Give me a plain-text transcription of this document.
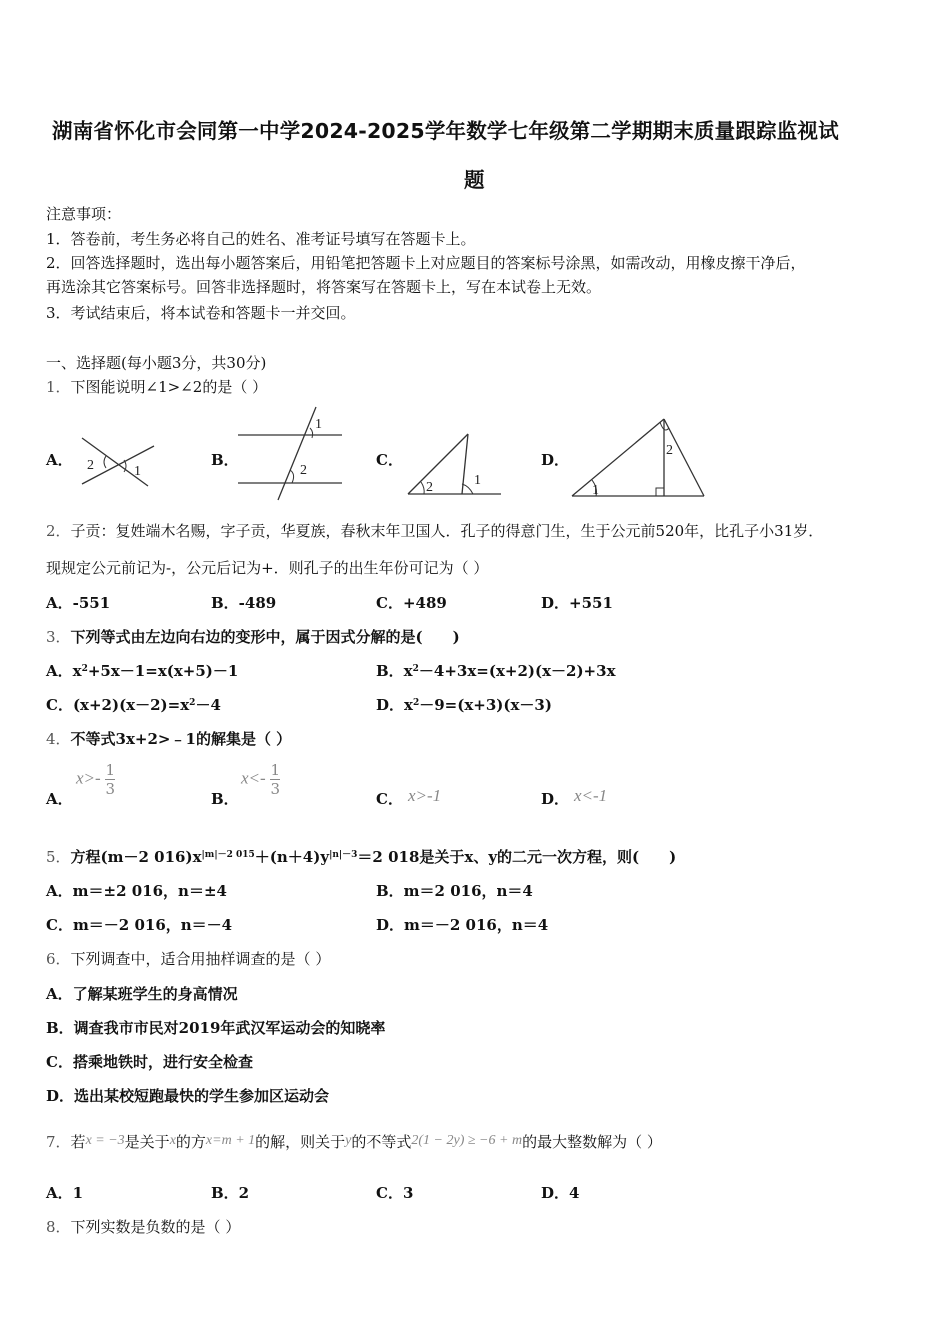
湖南省怀化市会同第一中学2024-2025学年数学七年级第二学期期末质量跟踪监视试
题
注意事项：
1．答卷前，考生务必将自己的姓名、准考证号填写在答题卡上。
2．回答选择题时，选出每小题答案后，用铅笔把答题卡上对应题目的答案标号涂黑，如需改动，用橡皮擦干净后，
再选涂其它答案标号。回答非选择题时，将答案写在答题卡上，写在本试卷上无效。
3．考试结束后，将本试卷和答题卡一并交回。
一、选择题(每小题3分，共30分)
1．下图能说明∠1>∠2的是（ ）
A．	B．	C．	D．
2	1
1
2
2	1
2
1
2．子贡：复姓端木名赐，字子贡，华夏族，春秋末年卫国人．孔子的得意门生，生于公元前520年，比孔子小31岁．
现规定公元前记为-，公元后记为+．则孔子的出生年份可记为（ ）
A．-551	B．-489	C．+489	D．+551
3．下列等式由左边向右边的变形中，属于因式分解的是(　　)
A．$x^2+5x-1=x(x+5)-1$	B．$x^2-4+3x=(x+2)(x-2)+3x$
C．$(x+2)(x-2)=x^2-4$	D．$x^2-9=(x+3)(x-3)$
4．不等式3x+2>﹣1的解集是（ ）
A．
$x>- \frac{1}{3}$
B．
$x<- \frac{1}{3}$
C． x>-1	D． x<-1
5．方程(m－2 $016)x^{|m|-2 015}+(n+4)y^{|n|-3}=2$ 018是关于x、y的二元一次方程，则(　　)
A．m＝±2 016，n＝±4	B．m＝2 016，n＝4
C．m＝－2 016，n＝－4	D．m＝－2 016，n＝4
6．下列调查中，适合用抽样调查的是（ ）
A．了解某班学生的身高情况
B．调查我市市民对2019年武汉军运动会的知晓率
C．搭乘地铁时，进行安全检查
D．选出某校短跑最快的学生参加区运动会
7．若x = −3是关于x的方x=m + 1的解，则关于y的不等式2(1 − 2y) ≥ −6 + m的最大整数解为（ ）
A．1	B．2	C．3	D．4
8．下列实数是负数的是（ ）
